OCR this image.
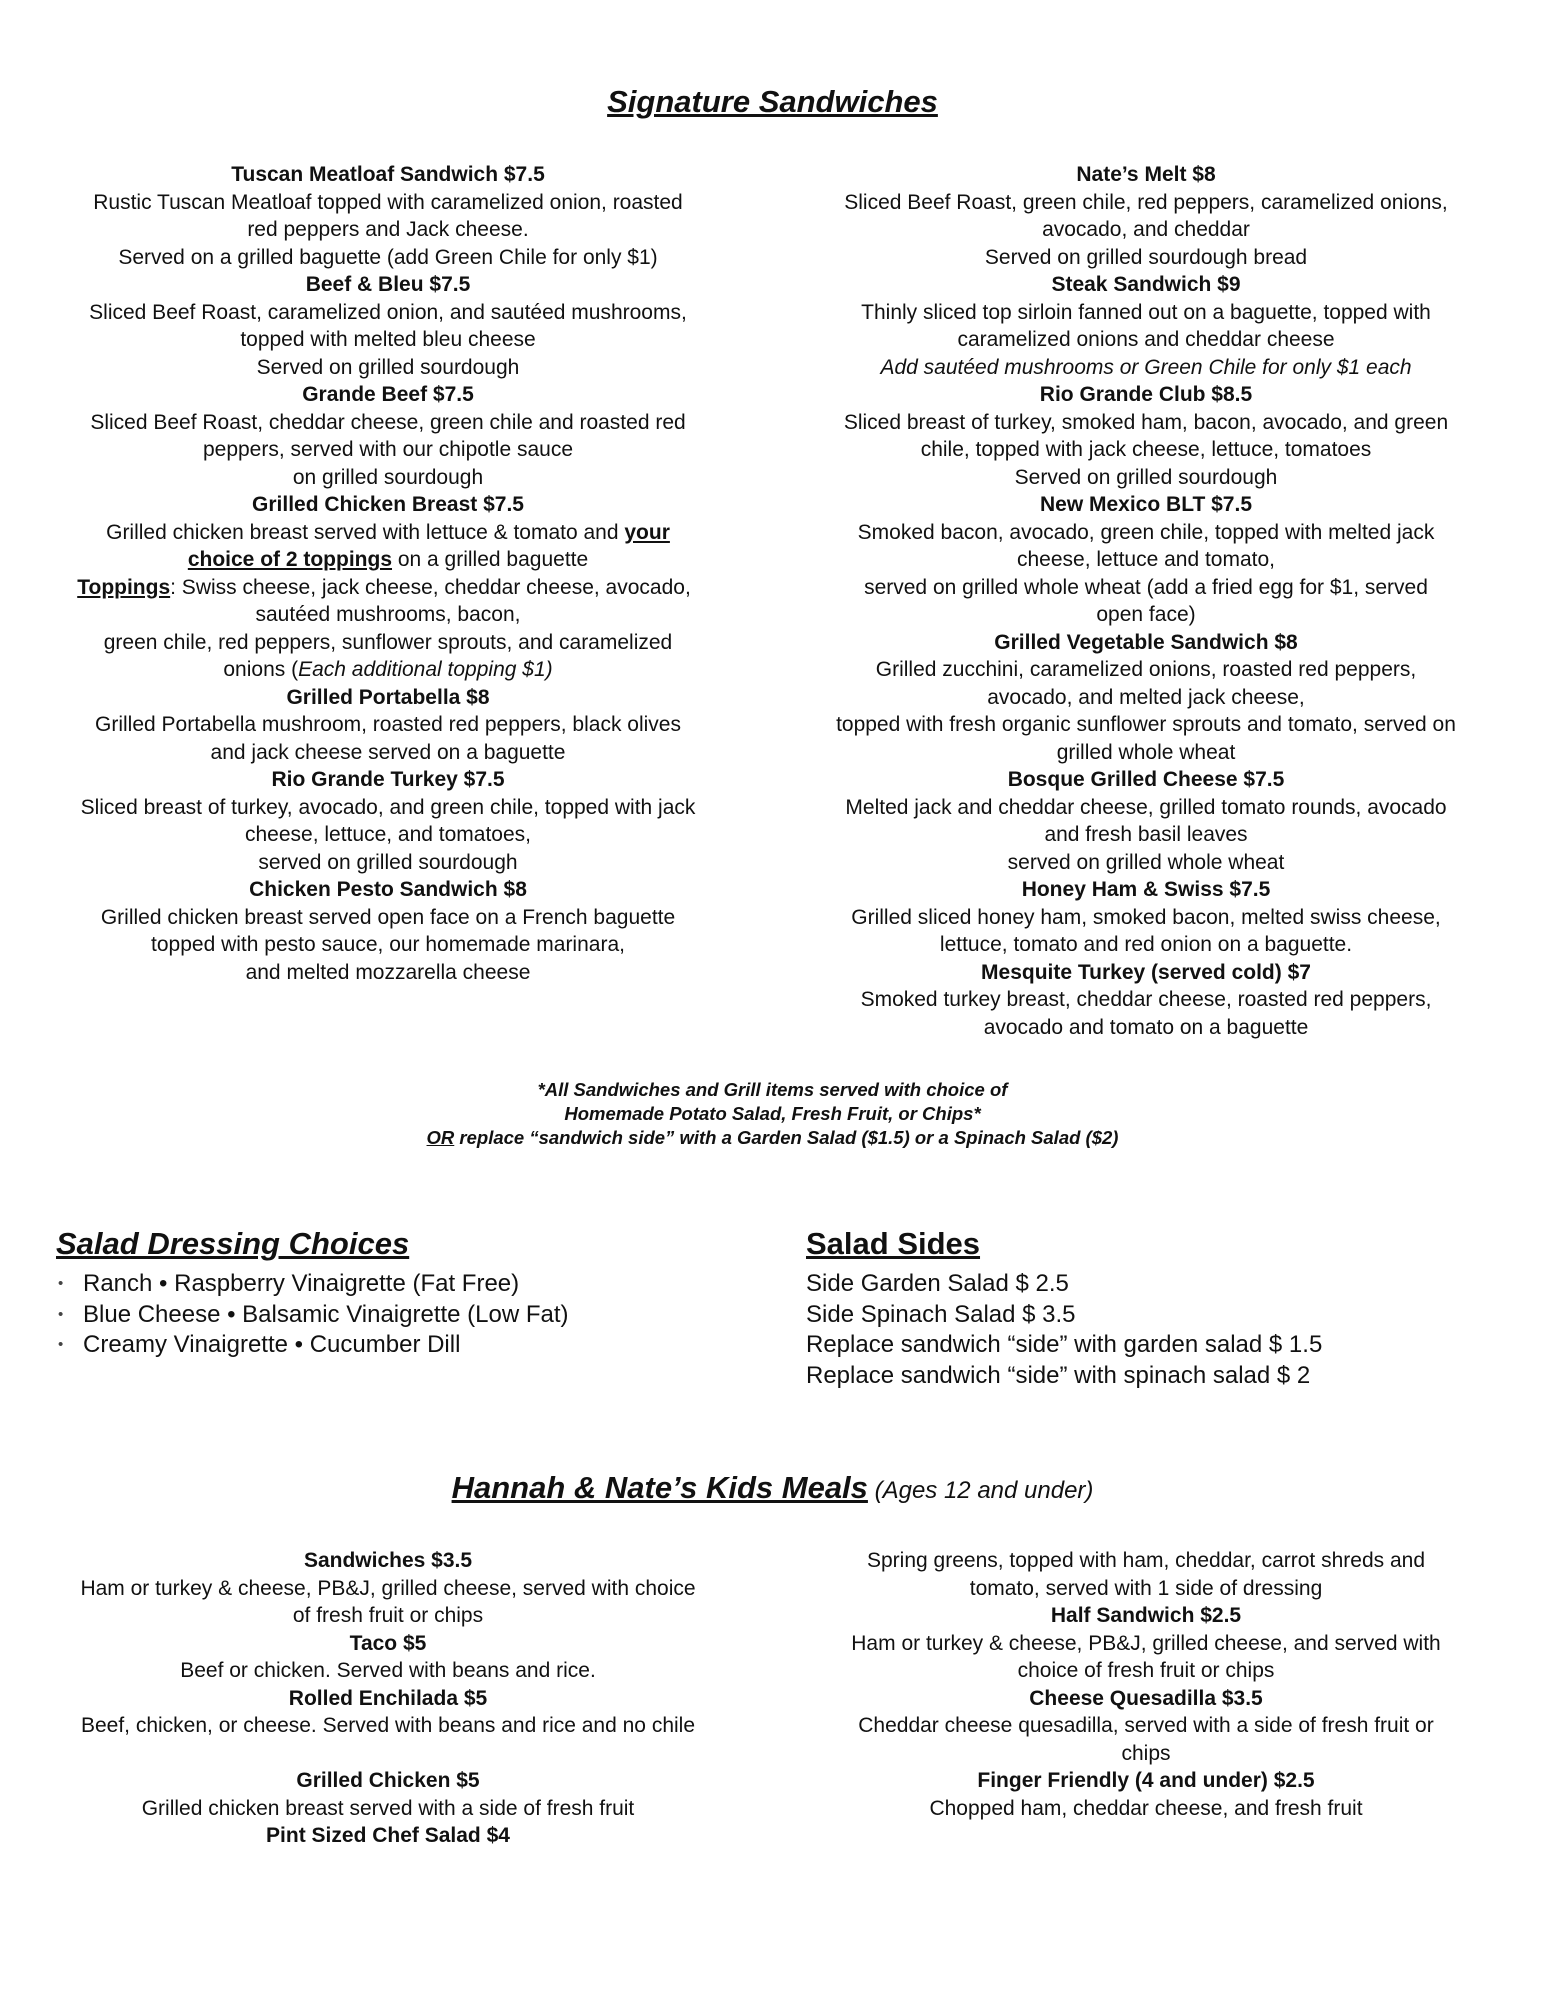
Signature Sandwiches

Tuscan Meatloaf Sandwich $7.5

Rustic Tuscan Meatloaf topped with caramelized onion, roasted

red peppers and Jack cheese.

Served on a grilled baguette (add Green Chile for only $1)

Beef & Bleu $7.5

Sliced Beef Roast, caramelized onion, and sautéed mushrooms,

topped with melted bleu cheese

Served on grilled sourdough

Grande Beef $7.5

Sliced Beef Roast, cheddar cheese, green chile and roasted red

peppers, served with our chipotle sauce

on grilled sourdough

Grilled Chicken Breast $7.5

Grilled chicken breast served with lettuce & tomato and your

choice of 2 toppings on a grilled baguette

Toppings: Swiss cheese, jack cheese, cheddar cheese, avocado,

sautéed mushrooms, bacon,

green chile, red peppers, sunflower sprouts, and caramelized

onions (Each additional topping $1)

Grilled Portabella $8

Grilled Portabella mushroom, roasted red peppers, black olives

and jack cheese served on a baguette

Rio Grande Turkey $7.5

Sliced breast of turkey, avocado, and green chile, topped with jack

cheese, lettuce, and tomatoes,

served on grilled sourdough

Chicken Pesto Sandwich $8

Grilled chicken breast served open face on a French baguette

topped with pesto sauce, our homemade marinara,

and melted mozzarella cheese

Nate’s Melt $8

Sliced Beef Roast, green chile, red peppers, caramelized onions,

avocado, and cheddar

Served on grilled sourdough bread

Steak Sandwich $9

Thinly sliced top sirloin fanned out on a baguette, topped with

caramelized onions and cheddar cheese

Add sautéed mushrooms or Green Chile for only $1 each

Rio Grande Club $8.5

Sliced breast of turkey, smoked ham, bacon, avocado, and green

chile, topped with jack cheese, lettuce, tomatoes

Served on grilled sourdough

New Mexico BLT $7.5

Smoked bacon, avocado, green chile, topped with melted jack

cheese, lettuce and tomato,

served on grilled whole wheat (add a fried egg for $1, served

open face)

Grilled Vegetable Sandwich $8

Grilled zucchini, caramelized onions, roasted red peppers,

avocado, and melted jack cheese,

topped with fresh organic sunflower sprouts and tomato, served on

grilled whole wheat

Bosque Grilled Cheese $7.5

Melted jack and cheddar cheese, grilled tomato rounds, avocado

and fresh basil leaves

served on grilled whole wheat

Honey Ham & Swiss $7.5

Grilled sliced honey ham, smoked bacon, melted swiss cheese,

lettuce, tomato and red onion on a baguette.

Mesquite Turkey (served cold) $7

Smoked turkey breast, cheddar cheese, roasted red peppers,

avocado and tomato on a baguette

*All Sandwiches and Grill items served with choice of

Homemade Potato Salad, Fresh Fruit, or Chips*

OR replace “sandwich side” with a Garden Salad ($1.5) or a Spinach Salad ($2)

Salad Dressing Choices
• Ranch • Raspberry Vinaigrette (Fat Free)
• Blue Cheese • Balsamic Vinaigrette (Low Fat)
• Creamy Vinaigrette • Cucumber Dill
Salad Sides

Side Garden Salad $ 2.5

Side Spinach Salad $ 3.5

Replace sandwich “side” with garden salad $ 1.5

Replace sandwich “side” with spinach salad $ 2

Hannah & Nate’s Kids Meals (Ages 12 and under)

Sandwiches $3.5

Ham or turkey & cheese, PB&J, grilled cheese, served with choice

of fresh fruit or chips

Taco $5

Beef or chicken. Served with beans and rice.

Rolled Enchilada $5

Beef, chicken, or cheese. Served with beans and rice and no chile

Grilled Chicken $5

Grilled chicken breast served with a side of fresh fruit

Pint Sized Chef Salad $4

Spring greens, topped with ham, cheddar, carrot shreds and

tomato, served with 1 side of dressing

Half Sandwich $2.5

Ham or turkey & cheese, PB&J, grilled cheese, and served with

choice of fresh fruit or chips

Cheese Quesadilla $3.5

Cheddar cheese quesadilla, served with a side of fresh fruit or

chips

Finger Friendly (4 and under) $2.5

Chopped ham, cheddar cheese, and fresh fruit
